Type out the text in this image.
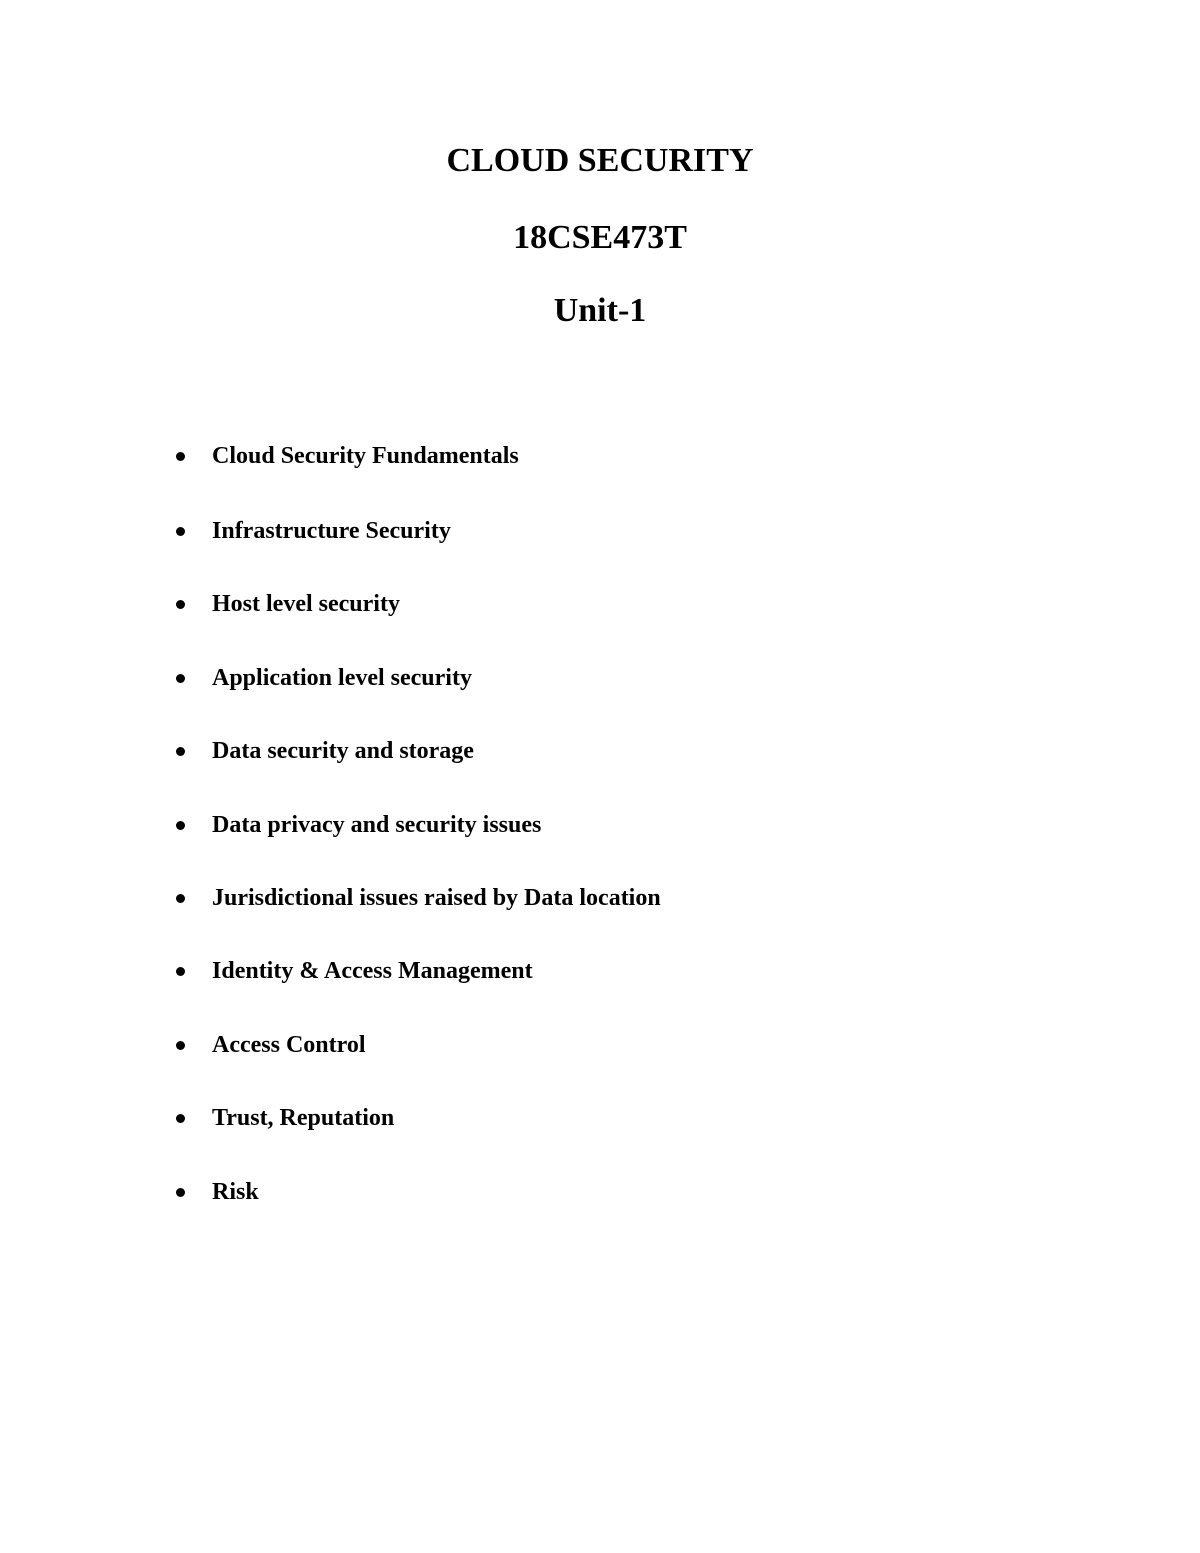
CLOUD SECURITY
18CSE473T
Unit-1
Cloud Security Fundamentals
Infrastructure Security
Host level security
Application level security
Data security and storage
Data privacy and security issues
Jurisdictional issues raised by Data location
Identity & Access Management
Access Control
Trust, Reputation
Risk
